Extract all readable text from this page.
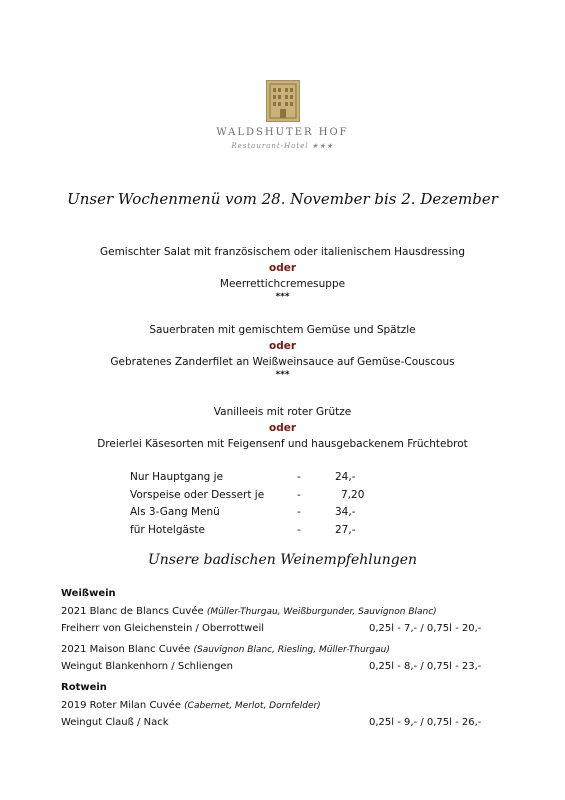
WALDSHUTER HOF
Restaurant-Hotel ★★★
Unser Wochenmenü vom 28. November bis 2. Dezember
Gemischter Salat mit französischem oder italienischem Hausdressing
oder
Meerrettichcremesuppe
***
Sauerbraten mit gemischtem Gemüse und Spätzle
oder
Gebratenes Zanderfilet an Weißweinsauce auf Gemüse-Couscous
***
Vanilleeis mit roter Grütze
oder
Dreierlei Käsesorten mit Feigensenf und hausgebackenem Früchtebrot
Nur Hauptgang je	-	24,-
Vorspeise oder Dessert je	-	7,20
Als 3-Gang Menü	-	34,-
für Hotelgäste	-	27,-
Unsere badischen Weinempfehlungen
Weißwein
2021 Blanc de Blancs Cuvée (Müller-Thurgau, Weißburgunder, Sauvignon Blanc)
Freiherr von Gleichenstein / Oberrottweil	0,25l - 7,- / 0,75l - 20,-
2021 Maison Blanc Cuvée (Sauvignon Blanc, Riesling, Müller-Thurgau)
Weingut Blankenhorn / Schliengen	0,25l - 8,- / 0,75l - 23,-
Rotwein
2019 Roter Milan Cuvée (Cabernet, Merlot, Dornfelder)
Weingut Clauß / Nack	0,25l - 9,- / 0,75l - 26,-
